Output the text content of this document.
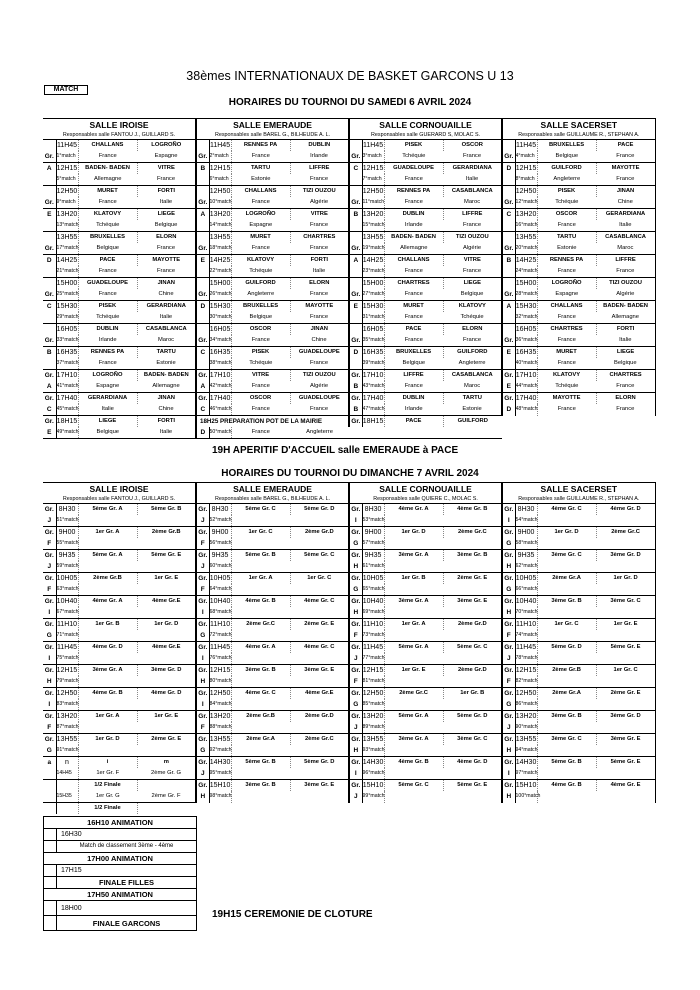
38èmes INTERNATIONAUX DE BASKET GARCONS U 13
MATCH
HORAIRES DU TOURNOI DU SAMEDI 6 AVRIL 2024
SALLE IROISE				SALLE EMERAUDE				SALLE CORNOUAILLE				SALLE SACERSET			
Responsables salle FANTOU J., GUILLARD S.				Responsables salle BAREL G., BILHEUDE A. L.				Responsables salle GUERARD S, MOLAC S.				Responsables salle GUILLAUME R., STEPHAN A.			
	11H45	CHALLANS	LOGROÑO		11H45	RENNES PA	DUBLIN		11H45	PISEK	OSCOR		11H45	BRUXELLES	PACE
Gr.	1°match	France	Espagne	Gr.	2°match	France	Irlande	Gr.	3°match	Tchéquie	France	Gr.	4°match	Belgique	France
A	12H15	BADEN- BADEN	VITRE	B	12H15	TARTU	LIFFRE	C	12H15	GUADELOUPE	GERARDIANA	D	12H15	GUILFORD	MAYOTTE
	5°match	Allemagne	France		6°match	Estonie	France		7°match	France	Italie		8°match	Angleterre	France
	12H50	MURET	FORTI		12H50	CHALLANS	TIZI OUZOU		12H50	RENNES PA	CASABLANCA		12H50	PISEK	JINAN
Gr.	9°match	France	Italie	Gr.	10°match	France	Algérie	Gr.	11°match	France	Maroc	Gr.	12°match	Tchéquie	Chine
E	13H20	KLATOVY	LIEGE	A	13H20	LOGROÑO	VITRE	B	13H20	DUBLIN	LIFFRE	C	13H20	OSCOR	GERARDIANA
	13°match	Tchéquie	Belgique		14°match	Espagne	France		15°match	Irlande	France		16°match	France	Italie
	13H55	BRUXELLES	ELORN		13H55	MURET	CHARTRES		13H55	BADEN- BADEN	TIZI OUZOU		13H55	TARTU	CASABLANCA
Gr.	17°match	Belgique	France	Gr.	18°match	France	France	Gr.	19°match	Allemagne	Algérie	Gr.	20°match	Estonie	Maroc
D	14H25	PACE	MAYOTTE	E	14H25	KLATOVY	FORTI	A	14H25	CHALLANS	VITRE	B	14H25	RENNES PA	LIFFRE
	21°match	France	France		22°match	Tchéquie	Italie		23°match	France	France		24°match	France	France
	15H00	GUADELOUPE	JINAN		15H00	GUILFORD	ELORN		15H00	CHARTRES	LIEGE		15H00	LOGROÑO	TIZI OUZOU
Gr.	25°match	France	Chine	Gr.	26°match	Angleterre	France	Gr.	27°match	France	Belgique	Gr.	28°match	Espagne	Algérie
C	15H30	PISEK	GERARDIANA	D	15H30	BRUXELLES	MAYOTTE	E	15H30	MURET	KLATOVY	A	15H30	CHALLANS	BADEN- BADEN
	29°match	Tchéquie	Italie		30°match	Belgique	France		31°match	France	Tchéquie		32°match	France	Allemagne
	16H05	DUBLIN	CASABLANCA		16H05	OSCOR	JINAN		16H05	PACE	ELORN		16H05	CHARTRES	FORTI
Gr.	33°match	Irlande	Maroc	Gr.	34°match	France	Chine	Gr.	35°match	France	France	Gr.	36°match	France	Italie
B	16H35	RENNES PA	TARTU	C	16H35	PISEK	GUADELOUPE	D	16H35	BRUXELLES	GUILFORD	E	16H35	MURET	LIEGE
	37°match	France	Estonie		38°match	Tchéquie	France		39°match	Belgique	Angleterre		40°match	France	Belgique
Gr.	17H10	LOGROÑO	BADEN- BADEN	Gr.	17H10	VITRE	TIZI OUZOU	Gr.	17H10	LIFFRE	CASABLANCA	Gr.	17H10	KLATOVY	CHARTRES
A	41°match	Espagne	Allemagne	A	42°match	France	Algérie	B	43°match	France	Maroc	E	44°match	Tchéquie	France
Gr.	17H40	GERARDIANA	JINAN	Gr.	17H40	OSCOR	GUADELOUPE	Gr.	17H40	DUBLIN	TARTU	Gr.	17H40	MAYOTTE	ELORN
C	45°match	Italie	Chine	C	46°match	France	France	B	47°match	Irlande	Estonie	D	48°match	France	France
Gr.	18H15	LIEGE	FORTI	18H25 PREPARATION POT DE LA MAIRIE				Gr.	18H15	PACE	GUILFORD				
E	49°match	Belgique	Italie	D	50°match	France	Angleterre								

19H APERITIF D'ACCUEIL salle EMERAUDE à PACE
HORAIRES DU TOURNOI DU DIMANCHE 7 AVRIL 2024
SALLE IROISE				SALLE EMERAUDE				SALLE CORNOUAILLE				SALLE SACERSET			
Responsables salle FANTOU J., GUILLARD S.				Responsables salle BAREL G., BILHEUDE A. L.				Responsables salle QUIERE C., MOLAC S.				Responsables salle GUILLAUME R., STEPHAN A.			
Gr.	8H30	5ème Gr. A	5ème Gr. B	Gr.	8H30	5ème Gr. C	5ème Gr. D	Gr.	8H30	4ème Gr. A	4ème Gr. B	Gr.	8H30	4ème Gr. C	4ème Gr. D
J	51°match			J	52°match			I	53°match			I	54°match		
Gr.	9H00	1er Gr. A	2ème Gr.B	Gr.	9H00	1er Gr. C	2ème Gr.D	Gr.	9H00	1er Gr. D	2ème Gr.C	Gr.	9H00	1er Gr. D	2ème Gr.C
F	55°match			F	56°match			G	57°match			G	58°match		
Gr.	9H35	5ème Gr. A	5ème Gr. E	Gr.	9H35	5ème Gr. B	5ème Gr. C	Gr.	9H35	3ème Gr. A	3ème Gr. B	Gr.	9H35	3ème Gr. C	3ème Gr. D
J	59°match			J	60°match			H	61°match			H	62°match		
Gr.	10H05	2ème Gr.B	1er Gr. E	Gr.	10H05	1er Gr. A	1er Gr. C	Gr.	10H05	1er Gr. B	2ème Gr. E	Gr.	10H05	2ème Gr.A	1er Gr. D
F	63°match			F	64°match			G	65°match			G	66°match		
Gr.	10H40	4ème Gr. A	4ème Gr.E	Gr.	10H40	4ème Gr. B	4ème Gr. C	Gr.	10H40	3ème Gr. A	3ème Gr. E	Gr.	10H40	3ème Gr. B	3ème Gr. C
I	67°match			I	68°match			H	69°match			H	70°match		
Gr.	11H10	1er Gr. B	1er Gr. D	Gr.	11H10	2ème Gr.C	2ème Gr. E	Gr.	11H10	1er Gr. A	2ème Gr.D	Gr.	11H10	1er Gr. C	1er Gr. E
G	71°match			G	72°match			F	73°match			F	74°match		
Gr.	11H45	4ème Gr. D	4ème Gr.E	Gr.	11H45	4ème Gr. A	4ème Gr. C	Gr.	11H45	5ème Gr. A	5ème Gr. C	Gr.	11H45	5ème Gr. D	5ème Gr. E
I	75°match			I	76°match			J	77°match			J	78°match		
Gr.	12H15	3ème Gr. A	3ème Gr. D	Gr.	12H15	3ème Gr. B	3ème Gr. E	Gr.	12H15	1er Gr. E	2ème Gr.D	Gr.	12H15	2ème Gr.B	1er Gr. C
H	79°match			H	80°match			F	81°match			F	82°match		
Gr.	12H50	4ème Gr. B	4ème Gr. D	Gr.	12H50	4ème Gr. C	4ème Gr.E	Gr.	12H50	2ème Gr.C	1er Gr. B	Gr.	12H50	2ème Gr.A	2ème Gr. E
I	83°match			I	84°match			G	85°match			G	86°match		
Gr.	13H20	1er Gr. A	1er Gr. E	Gr.	13H20	2ème Gr.B	2ème Gr.D	Gr.	13H20	5ème Gr. A	5ème Gr. D	Gr.	13H20	3ème Gr. B	3ème Gr. D
F	87°match			F	88°match			J	89°match			J	90°match		
Gr.	13H55	1er Gr. D	2ème Gr. E	Gr.	13H55	2ème Gr.A	2ème Gr.C	Gr.	13H55	3ème Gr. A	3ème Gr. C	Gr.	13H55	3ème Gr. C	3ème Gr. E
G	91°match			G	92°match			H	93°match			H	94°match		
a	n	i	m	Gr.	14H30	5ème Gr. B	5ème Gr. D	Gr.	14H30	4ème Gr. B	4ème Gr. D	Gr.	14H30	5ème Gr. B	5ème Gr. E
	14H45	1er Gr. F	2ème Gr. G	J	95°match			I	96°match			I	97°match		
		1/2 Finale		Gr.	15H10	3ème Gr. B	3ème Gr. E	Gr.	15H10	5ème Gr. C	5ème Gr. E	Gr.	15H10	4ème Gr. B	4ème Gr. E
	15H35	1er Gr. G	2ème Gr. F	H	98°match			J	99°match			H	100°match		
		1/2 Finale													
16H10 ANIMATION	
	16H30
	Match de classement 3ème - 4ème
17H00 ANIMATION	
	17H15
	FINALE FILLES
17H50 ANIMATION	
	18H00
	FINALE GARCONS
19H15 CEREMONIE DE CLOTURE
